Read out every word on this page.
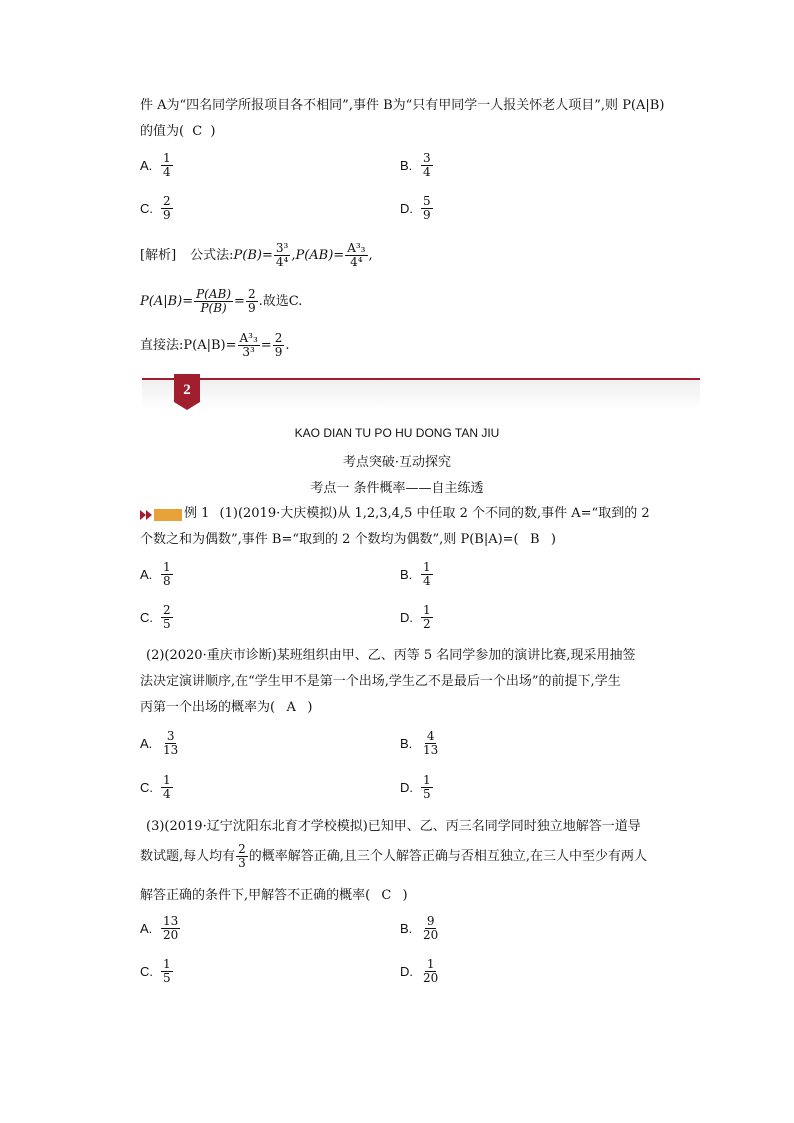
件 A为“四名同学所报项目各不相同”,事件 B为“只有甲同学一人报关怀老人项目”,则 P(A|B)
的值为( C )
A. $\frac{1}{4}$	B. $\frac{3}{4}$
C. $\frac{2}{9}$	D. $\frac{5}{9}$
[解析] 公式法: $P(B)= \frac{\text{3³}}{\text{4⁴}} ,P(AB)= \frac{\text{A³₃}}{\text{4⁴}}$ ,
$P(A|B)= \frac{P(AB)}{P(B)} = \frac{2}{9}$ .故选C.
直接法:P(A|B)= $\frac{\text{A³₃}}{\text{3³}} = \frac{2}{9}$ .
2
KAO DIAN TU PO HU DONG TAN JIU
考点突破·互动探究
考点一 条件概率——自主练透
例 1 (1)(2019·大庆模拟)从 1,2,3,4,5 中任取 2 个不同的数,事件 A=“取到的 2
个数之和为偶数”,事件 B=“取到的 2 个数均为偶数”,则 P(B|A)=( B )
A. $\frac{1}{8}$	B. $\frac{1}{4}$
C. $\frac{2}{5}$	D. $\frac{1}{2}$
(2)(2020·重庆市诊断)某班组织由甲、乙、丙等 5 名同学参加的演讲比赛,现采用抽签
法决定演讲顺序,在“学生甲不是第一个出场,学生乙不是最后一个出场”的前提下,学生
丙第一个出场的概率为( A )
A. $\frac{3}{13}$	B. $\frac{4}{13}$
C. $\frac{1}{4}$	D. $\frac{1}{5}$
(3)(2019·辽宁沈阳东北育才学校模拟)已知甲、乙、丙三名同学同时独立地解答一道导
数试题,每人均有 $\frac{2}{3}$ 的概率解答正确,且三个人解答正确与否相互独立,在三人中至少有两人
解答正确的条件下,甲解答不正确的概率( C )
A. $\frac{13}{20}$	B. $\frac{9}{20}$
C. $\frac{1}{5}$	D. $\frac{1}{20}$
